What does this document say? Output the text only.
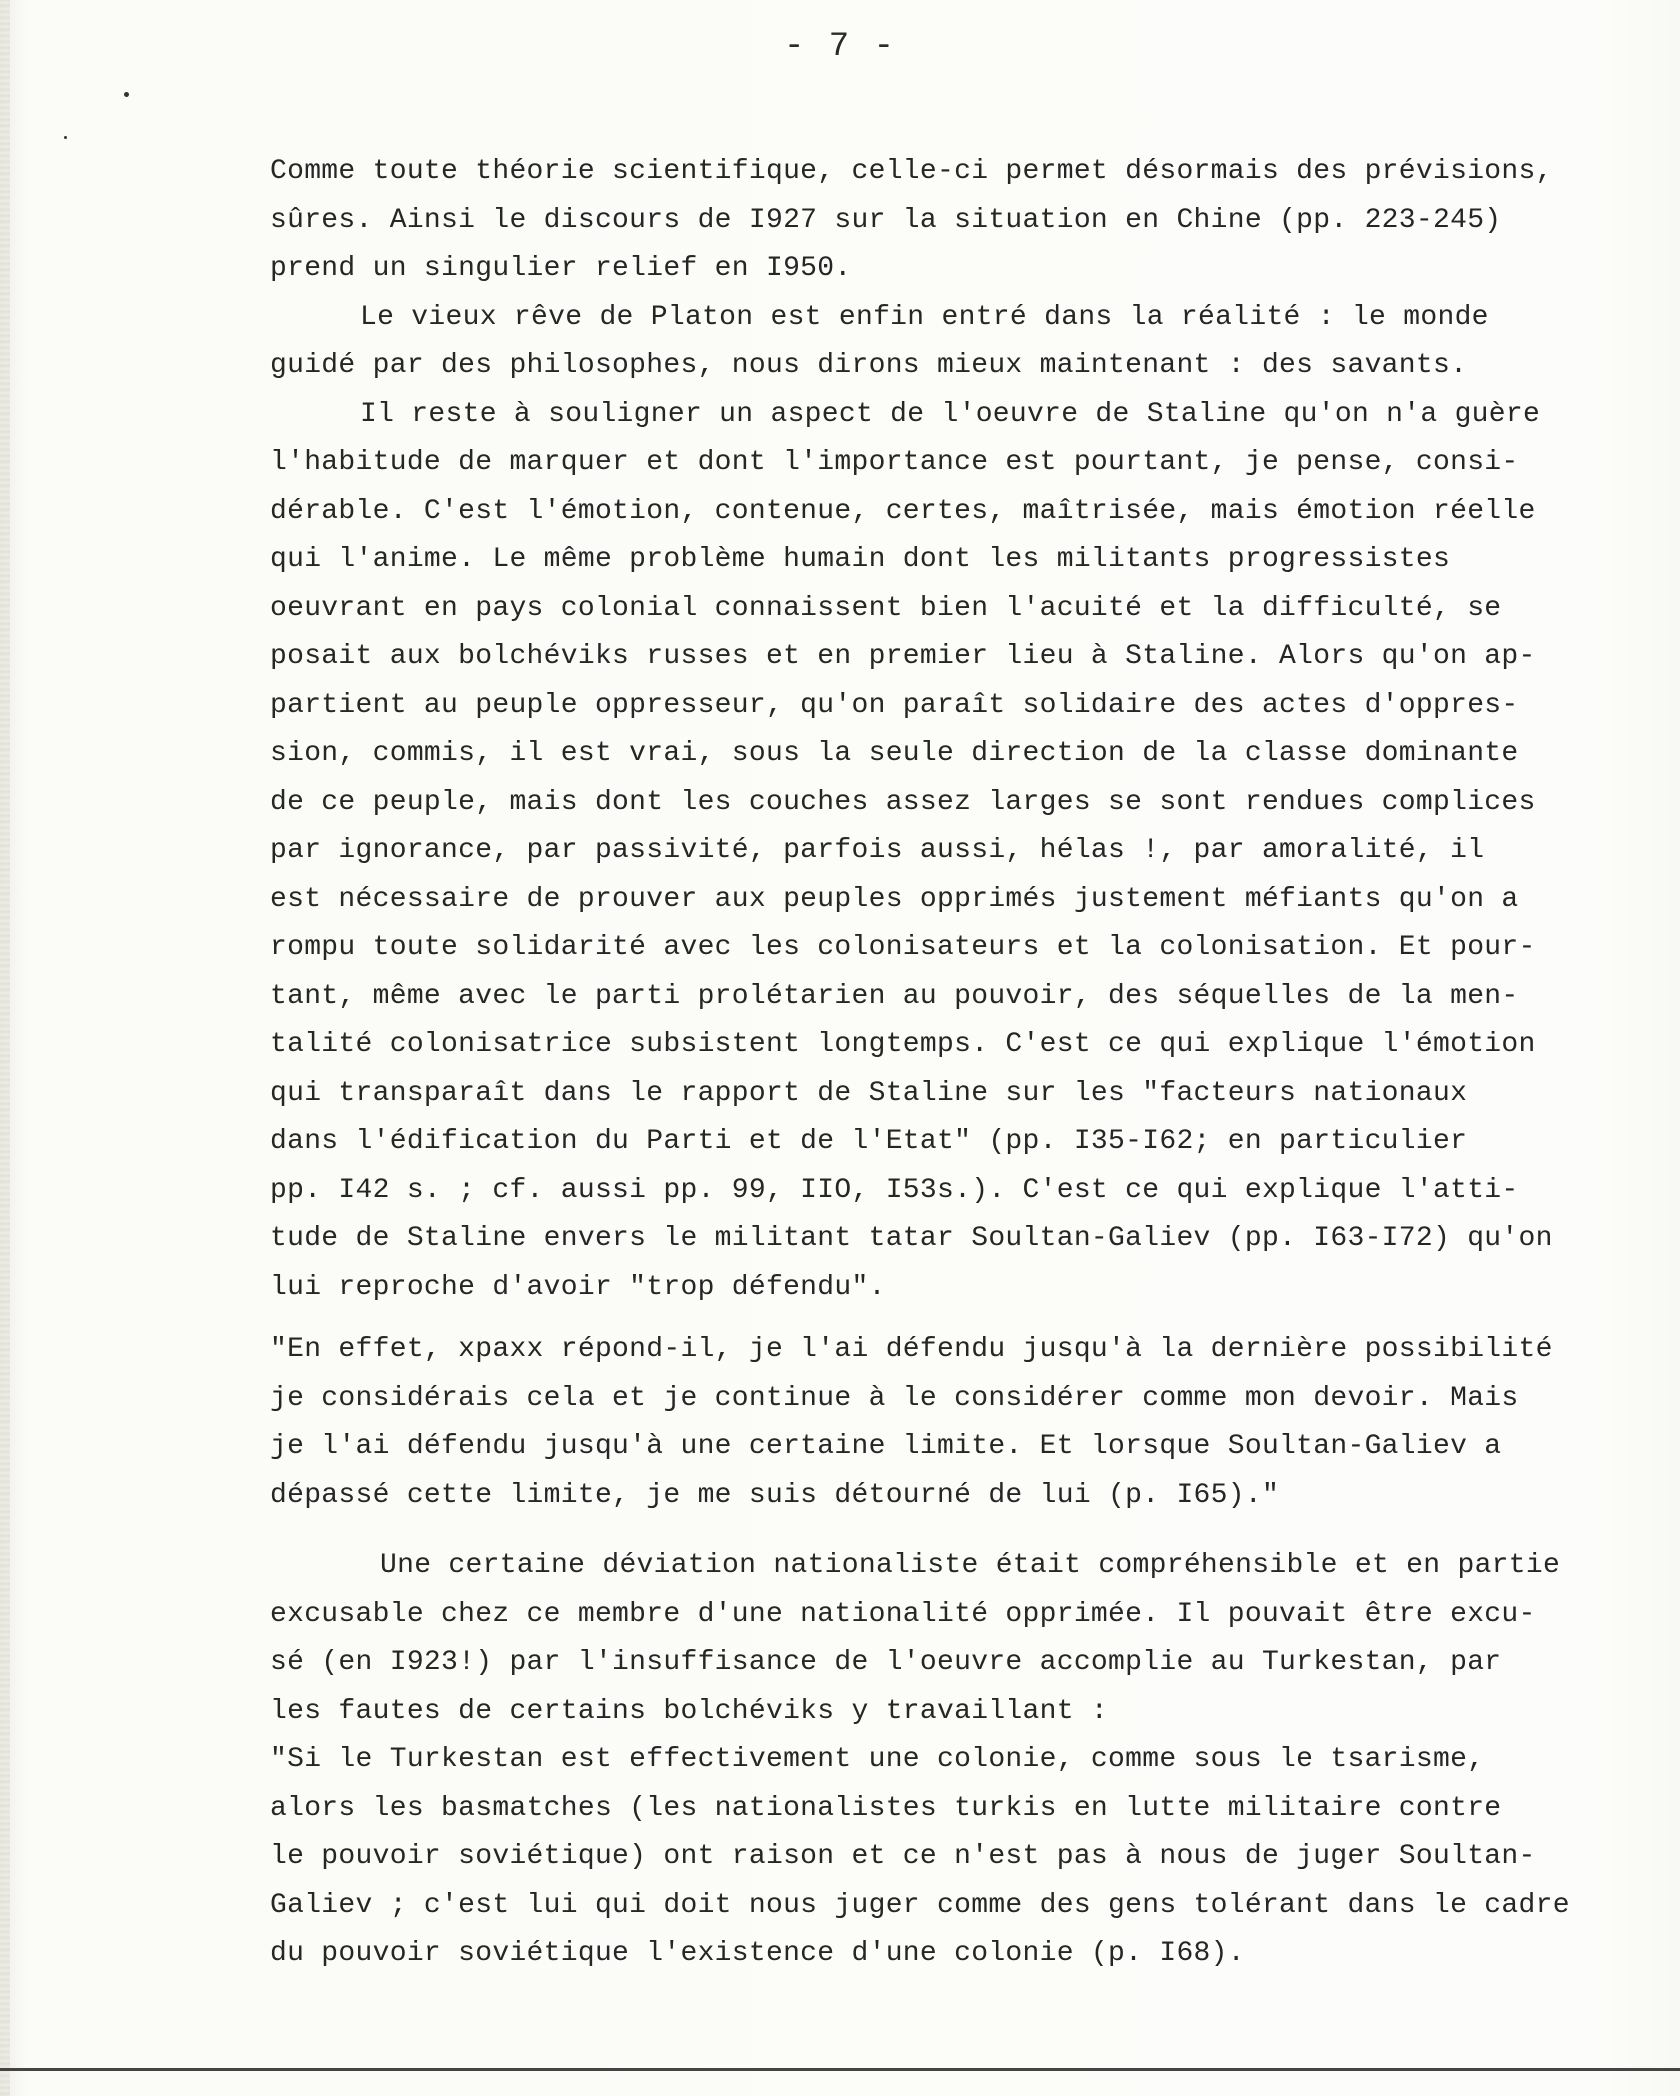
- 7 -
Comme toute théorie scientifique, celle-ci permet désormais des prévisions,
sûres. Ainsi le discours de I927 sur la situation en Chine (pp. 223-245)
prend un singulier relief en I950.
Le vieux rêve de Platon est enfin entré dans la réalité : le monde
guidé par des philosophes, nous dirons mieux maintenant : des savants.
Il reste à souligner un aspect de l'oeuvre de Staline qu'on n'a guère
l'habitude de marquer et dont l'importance est pourtant, je pense, consi-
dérable. C'est l'émotion, contenue, certes, maîtrisée, mais émotion réelle
qui l'anime. Le même problème humain dont les militants progressistes
oeuvrant en pays colonial connaissent bien l'acuité et la difficulté, se
posait aux bolchéviks russes et en premier lieu à Staline. Alors qu'on ap-
partient au peuple oppresseur, qu'on paraît solidaire des actes d'oppres-
sion, commis, il est vrai, sous la seule direction de la classe dominante
de ce peuple, mais dont les couches assez larges se sont rendues complices
par ignorance, par passivité, parfois aussi, hélas !, par amoralité, il
est nécessaire de prouver aux peuples opprimés justement méfiants qu'on a
rompu toute solidarité avec les colonisateurs et la colonisation. Et pour-
tant, même avec le parti prolétarien au pouvoir, des séquelles de la men-
talité colonisatrice subsistent longtemps. C'est ce qui explique l'émotion
qui transparaît dans le rapport de Staline sur les "facteurs nationaux
dans l'édification du Parti et de l'Etat" (pp. I35-I62; en particulier
pp. I42 s. ; cf. aussi pp. 99, IIO, I53s.). C'est ce qui explique l'atti-
tude de Staline envers le militant tatar Soultan-Galiev (pp. I63-I72) qu'on
lui reproche d'avoir "trop défendu".
"En effet, xpaxx répond-il, je l'ai défendu jusqu'à la dernière possibilité
je considérais cela et je continue à le considérer comme mon devoir. Mais
je l'ai défendu jusqu'à une certaine limite. Et lorsque Soultan-Galiev a
dépassé cette limite, je me suis détourné de lui (p. I65)."
Une certaine déviation nationaliste était compréhensible et en partie
excusable chez ce membre d'une nationalité opprimée. Il pouvait être excu-
sé (en I923!) par l'insuffisance de l'oeuvre accomplie au Turkestan, par
les fautes de certains bolchéviks y travaillant :
"Si le Turkestan est effectivement une colonie, comme sous le tsarisme,
alors les basmatches (les nationalistes turkis en lutte militaire contre
le pouvoir soviétique) ont raison et ce n'est pas à nous de juger Soultan-
Galiev ; c'est lui qui doit nous juger comme des gens tolérant dans le cadre
du pouvoir soviétique l'existence d'une colonie (p. I68).
